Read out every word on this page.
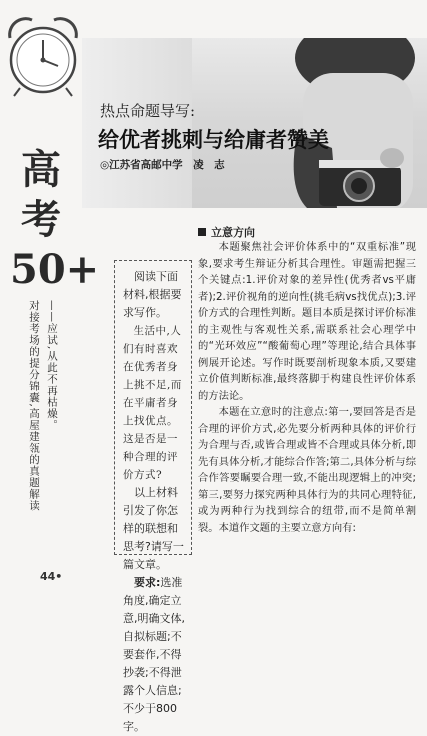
高
考
50+
——应试,从此不再枯燥。
对接考场的提分锦囊,高屋建瓴的真题解读
44•
热点命题导写:
给优者挑刺与给庸者赞美
◎江苏省高邮中学　凌　志
立意方向

阅读下面材料,根据要求写作。

生活中,人们有时喜欢在优秀者身上挑不足,而在平庸者身上找优点。这是否是一种合理的评价方式?

以上材料引发了你怎样的联想和思考?请写一篇文章。

要求:选准角度,确定立意,明确文体,自拟标题;不要套作,不得抄袭;不得泄露个人信息;不少于800字。

本题聚焦社会评价体系中的“双重标准”现象,要求考生辩证分析其合理性。审题需把握三个关键点:1.评价对象的差异性(优秀者vs平庸者);2.评价视角的逆向性(挑毛病vs找优点);3.评价方式的合理性判断。题目本质是探讨评价标准的主观性与客观性关系,需联系社会心理学中的“光环效应”“酸葡萄心理”等理论,结合具体事例展开论述。写作时既要剖析现象本质,又要建立价值判断标准,最终落脚于构建良性评价体系的方法论。

本题在立意时的注意点:第一,要回答是否是合理的评价方式,必先要分析两种具体的评价行为合理与否,或皆合理或皆不合理或具体分析,即先有具体分析,才能综合作答;第二,具体分析与综合作答要瞩要合理一致,不能出现逻辑上的冲突;第三,要努力探究两种具体行为的共同心理特征,或为两种行为找到综合的纽带,而不是简单割裂。本道作文题的主要立意方向有:
